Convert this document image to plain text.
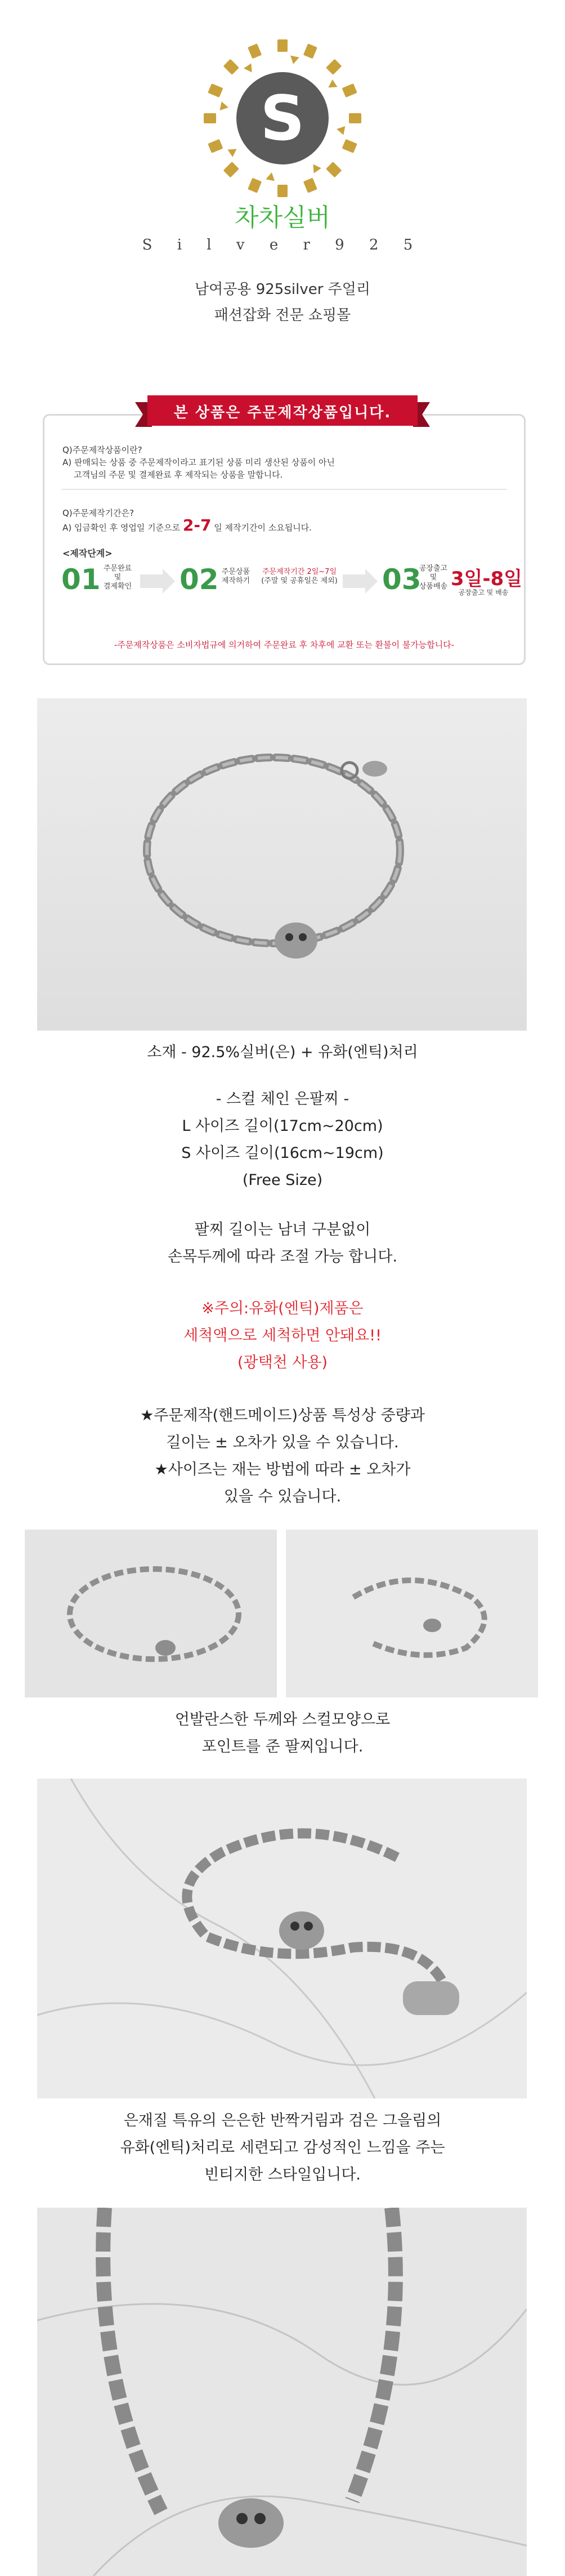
S
차차실버
S i l v e r 9 2 5
남여공용 925silver 주얼리
패션잡화 전문 쇼핑몰
Q)주문제작상품이란?
A) 판매되는 상품 중 주문제작이라고 표기된 상품 미리 생산된 상품이 아닌
고객님의 주문 및 결제완료 후 제작되는 상품을 말합니다.
Q)주문제작기간은?
A) 입금확인 후 영업일 기준으로 2-7 일 제작기간이 소요됩니다.
<제작단계>
01 주문완료
및
결제확인 02 주문상품
제작하기
주문제작기간 2일~7일
(주말 및 공휴일은 제외) 03
공장출고
및
상품배송 3일-8일
공장출고 및 배송
-주문제작상품은 소비자법규에 의거하여 주문완료 후 차후에 교환 또는 환불이 불가능합니다-
본 상품은 주문제작상품입니다.
소재 - 92.5%실버(은) + 유화(엔틱)처리
- 스컬 체인 은팔찌 -
L 사이즈 길이(17cm~20cm)
S 사이즈 길이(16cm~19cm)
(Free Size)
팔찌 길이는 남녀 구분없이
손목두께에 따라 조절 가능 합니다.
※주의:유화(엔틱)제품은
세척액으로 세척하면 안돼요!!
(광택천 사용)
★주문제작(핸드메이드)상품 특성상 중량과
길이는 ± 오차가 있을 수 있습니다.
★사이즈는 재는 방법에 따라 ± 오차가
있을 수 있습니다.
언발란스한 두께와 스컬모양으로
포인트를 준 팔찌입니다.
은재질 특유의 은은한 반짝거림과 검은 그을림의
유화(엔틱)처리로 세련되고 감성적인 느낌을 주는
빈티지한 스타일입니다.
